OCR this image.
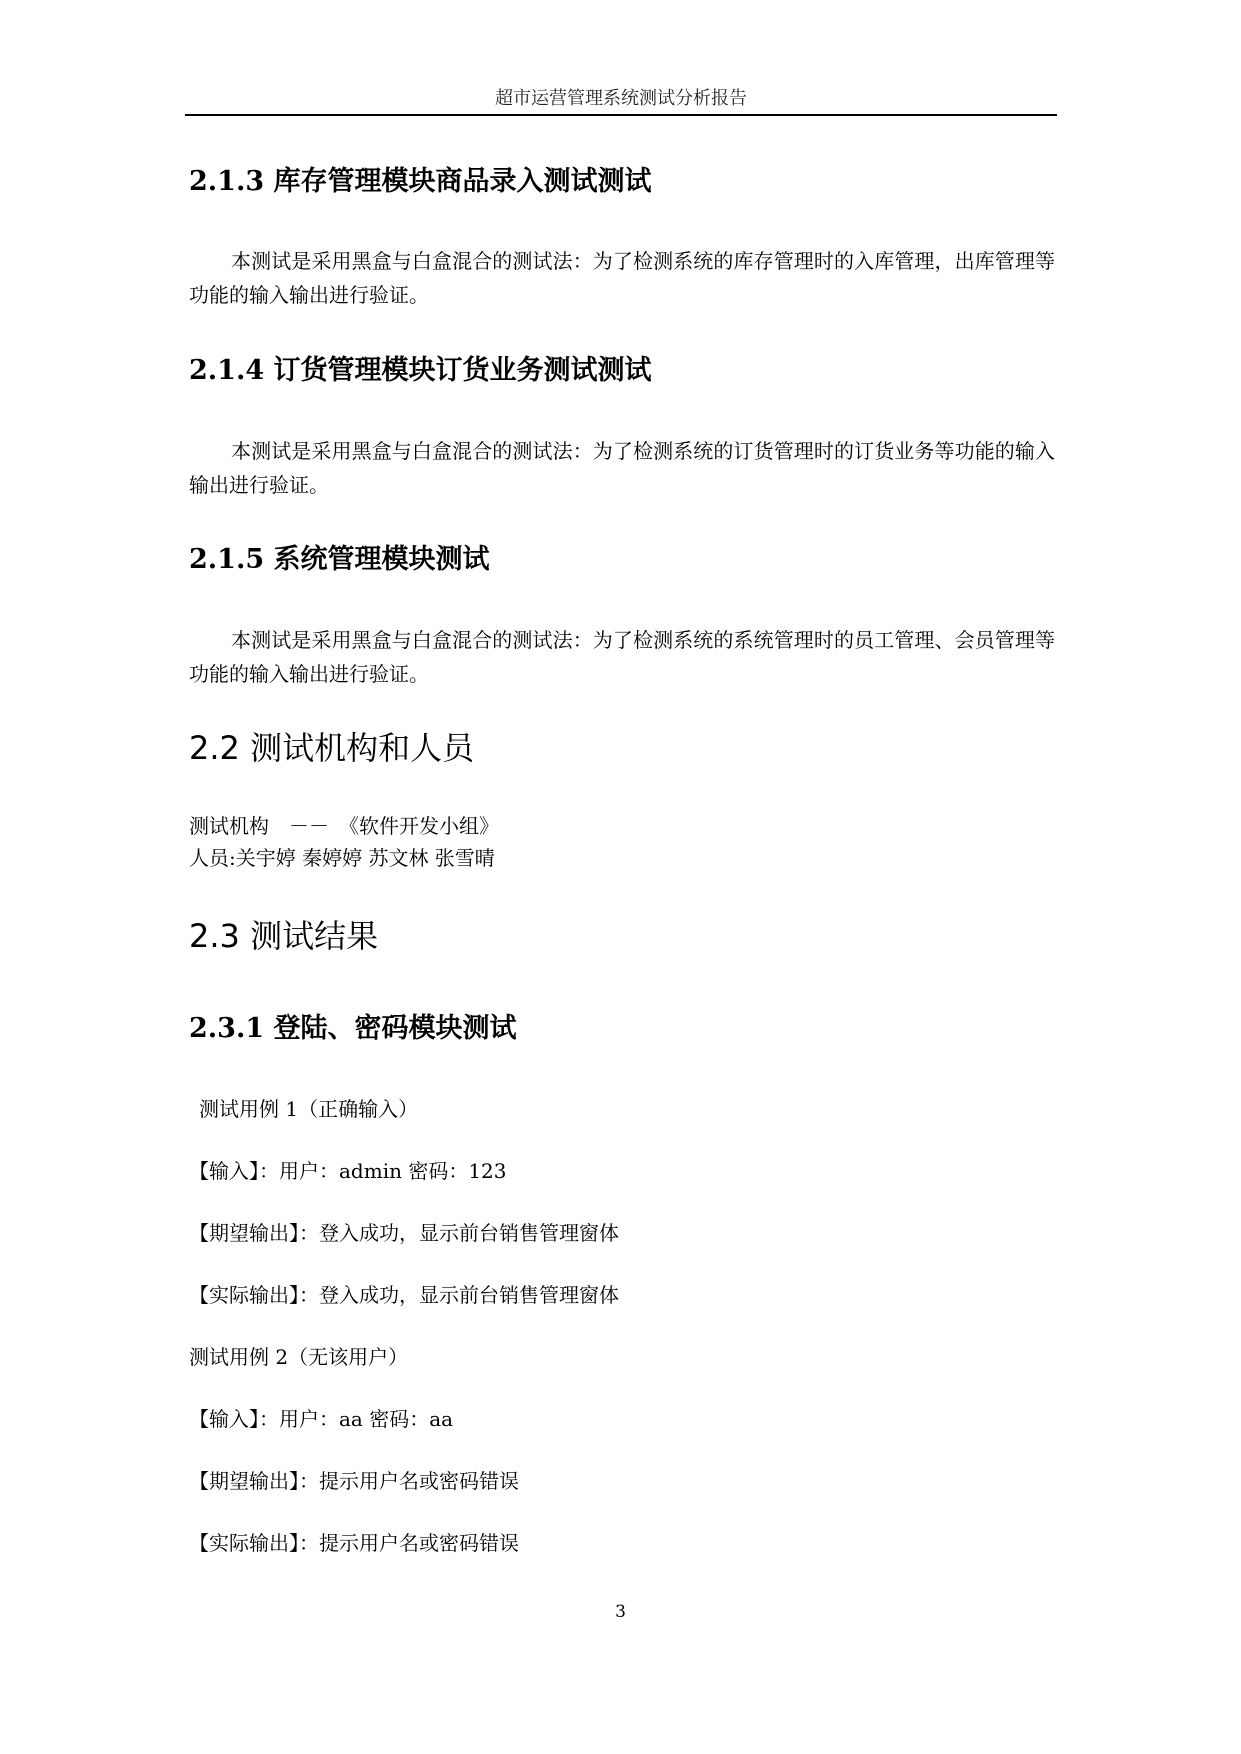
超市运营管理系统测试分析报告
2.1.3 库存管理模块商品录入测试测试
本测试是采用黑盒与白盒混合的测试法：为了检测系统的库存管理时的入库管理，出库管理等功能的输入输出进行验证。
2.1.4 订货管理模块订货业务测试测试
本测试是采用黑盒与白盒混合的测试法：为了检测系统的订货管理时的订货业务等功能的输入输出进行验证。
2.1.5 系统管理模块测试
本测试是采用黑盒与白盒混合的测试法：为了检测系统的系统管理时的员工管理、会员管理等功能的输入输出进行验证。
2.2 测试机构和人员
测试机构　－－　《软件开发小组》
人员:关宇婷 秦婷婷 苏文林 张雪晴
2.3 测试结果
2.3.1 登陆、密码模块测试
测试用例 1（正确输入）
【输入】：用户：admin 密码：123
【期望输出】：登入成功，显示前台销售管理窗体
【实际输出】：登入成功，显示前台销售管理窗体
测试用例 2（无该用户）
【输入】：用户：aa 密码：aa
【期望输出】：提示用户名或密码错误
【实际输出】：提示用户名或密码错误
3
